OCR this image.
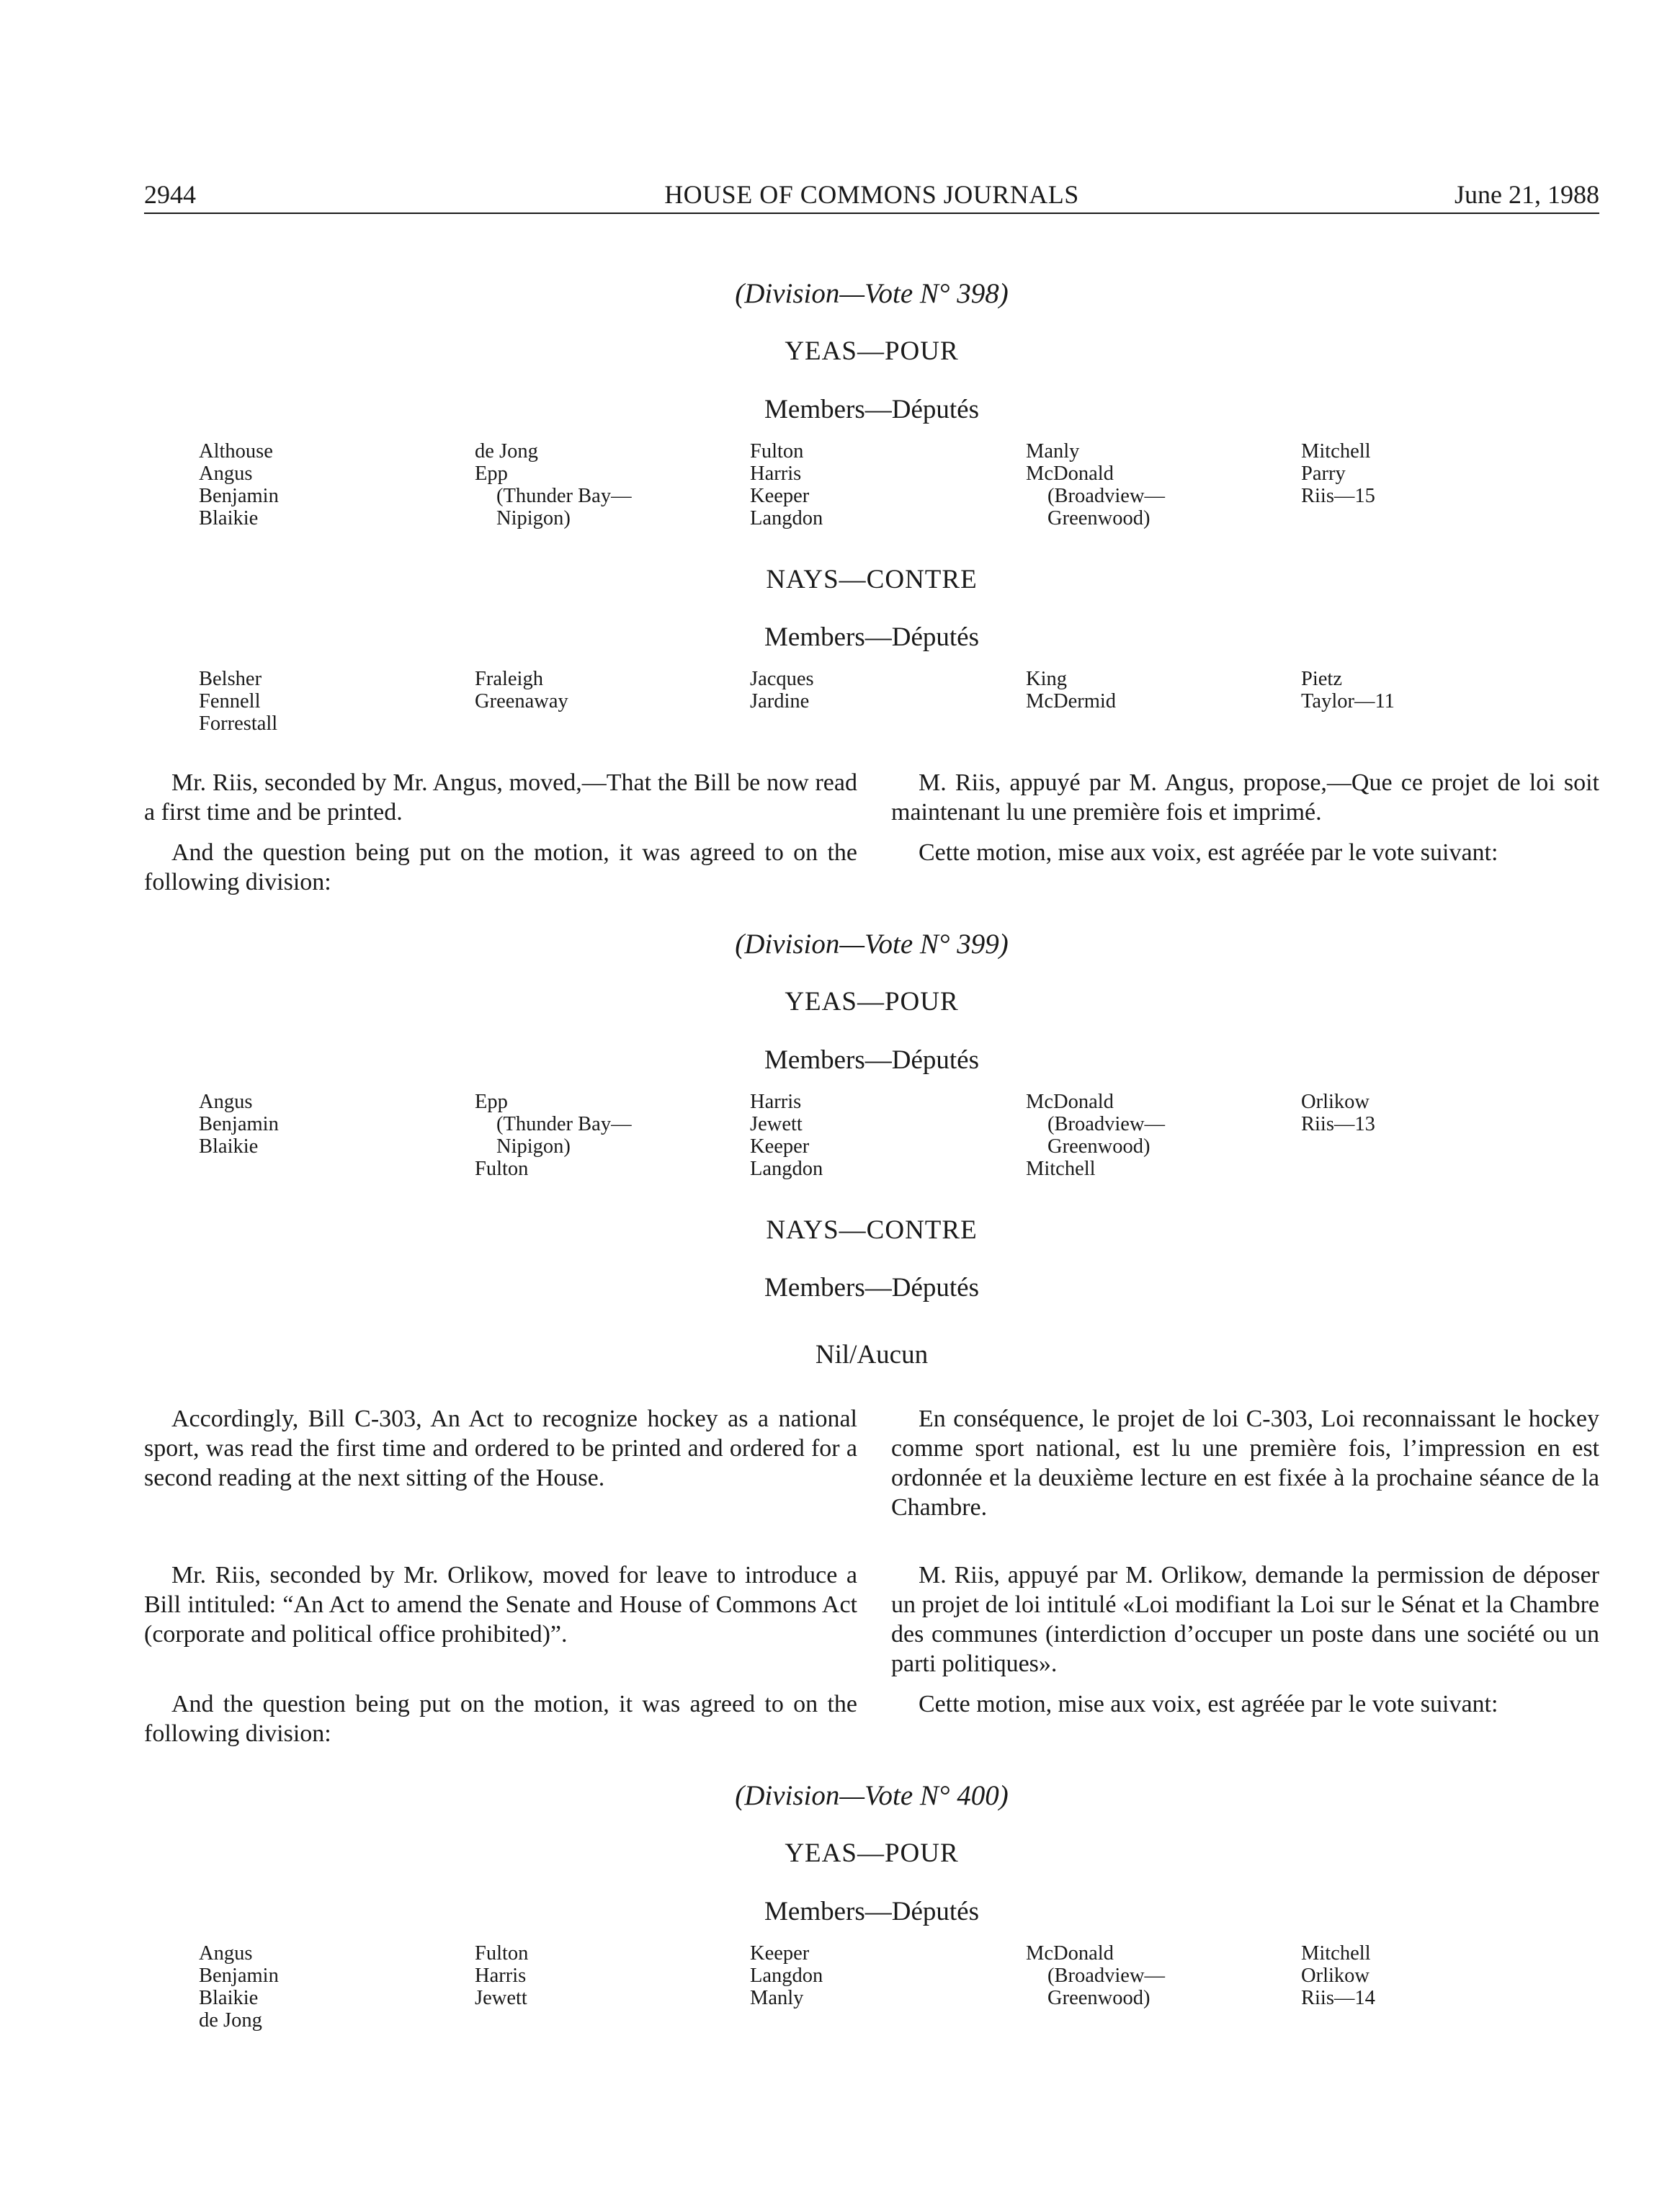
2944	HOUSE OF COMMONS JOURNALS	June 21, 1988
(Division—Vote N° 398)
YEAS—POUR
Members—Députés
Althouse
Angus
Benjamin
Blaikie
de Jong
Epp
(Thunder Bay—
Nipigon)
Fulton
Harris
Keeper
Langdon
Manly
McDonald
(Broadview—
Greenwood)
Mitchell
Parry
Riis—15
NAYS—CONTRE
Members—Députés
Belsher
Fennell
Forrestall
Fraleigh
Greenaway
Jacques
Jardine
King
McDermid
Pietz
Taylor—11
Mr. Riis, seconded by Mr. Angus, moved,—That the Bill be now read a first time and be printed.
M. Riis, appuyé par M. Angus, propose,—Que ce projet de loi soit maintenant lu une première fois et imprimé.
And the question being put on the motion, it was agreed to on the following division:
Cette motion, mise aux voix, est agréée par le vote suivant:
(Division—Vote N° 399)
YEAS—POUR
Members—Députés
Angus
Benjamin
Blaikie
Epp
(Thunder Bay—
Nipigon)
Fulton
Harris
Jewett
Keeper
Langdon
McDonald
(Broadview—
Greenwood)
Mitchell
Orlikow
Riis—13
NAYS—CONTRE
Members—Députés
Nil/Aucun
Accordingly, Bill C-303, An Act to recognize hockey as a national sport, was read the first time and ordered to be printed and ordered for a second reading at the next sitting of the House.
En conséquence, le projet de loi C-303, Loi reconnaissant le hockey comme sport national, est lu une première fois, l’impression en est ordonnée et la deuxième lecture en est fixée à la prochaine séance de la Chambre.
Mr. Riis, seconded by Mr. Orlikow, moved for leave to introduce a Bill intituled: “An Act to amend the Senate and House of Commons Act (corporate and political office prohibited)”.
M. Riis, appuyé par M. Orlikow, demande la permission de déposer un projet de loi intitulé «Loi modifiant la Loi sur le Sénat et la Chambre des communes (interdiction d’occuper un poste dans une société ou un parti politiques».
And the question being put on the motion, it was agreed to on the following division:
Cette motion, mise aux voix, est agréée par le vote suivant:
(Division—Vote N° 400)
YEAS—POUR
Members—Députés
Angus
Benjamin
Blaikie
de Jong
Fulton
Harris
Jewett
Keeper
Langdon
Manly
McDonald
(Broadview—
Greenwood)
Mitchell
Orlikow
Riis—14
